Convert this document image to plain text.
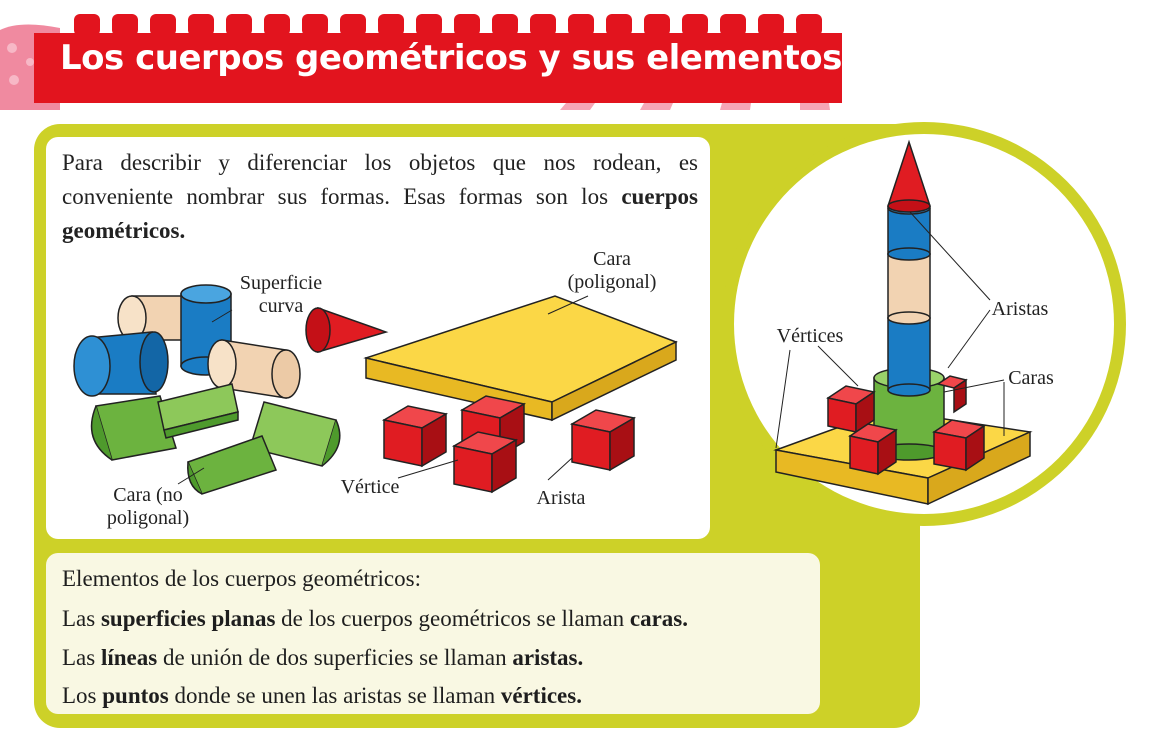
Los cuerpos geométricos y sus elementos
Para describir y diferenciar los objetos que nos rodean, es conveniente nombrar sus formas. Esas formas son los cuerpos geométricos.
Superficie curva
Cara (poligonal)
Cara (no poligonal)
Vértice	Arista
Aristas
Vértices
Caras
Elementos de los cuerpos geométricos:
Las superficies planas de los cuerpos geométricos se llaman caras.
Las líneas de unión de dos superficies se llaman aristas.
Los puntos donde se unen las aristas se llaman vértices.
